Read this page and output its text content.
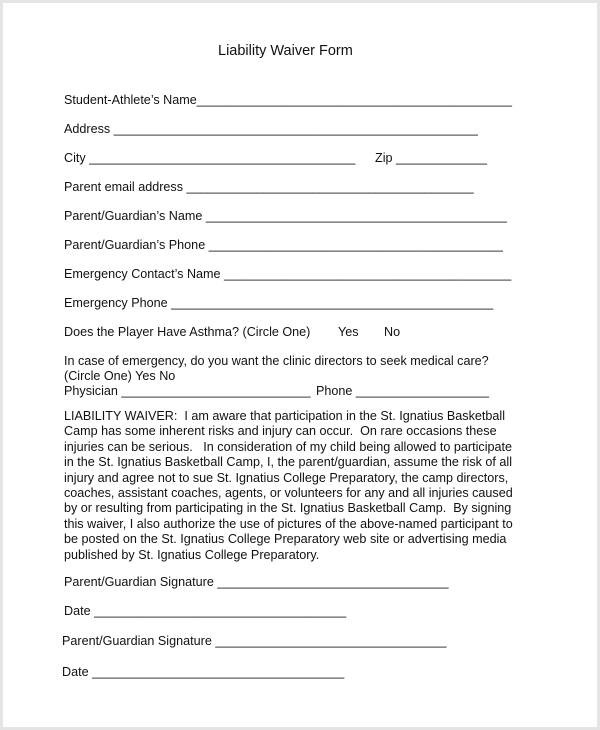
Liability Waiver Form
Student-Athlete’s Name_____________________________________________
Address ____________________________________________________
City ______________________________________ Zip _____________
Parent email address _________________________________________
Parent/Guardian’s Name ___________________________________________
Parent/Guardian’s Phone __________________________________________
Emergency Contact’s Name _________________________________________
Emergency Phone ______________________________________________
Does the Player Have Asthma? (Circle One) Yes No
In case of emergency, do you want the clinic directors to seek medical care?
(Circle One) Yes No
Physician ___________________________ Phone ___________________
LIABILITY WAIVER:  I am aware that participation in the St. Ignatius Basketball
Camp has some inherent risks and injury can occur.  On rare occasions these
injuries can be serious.   In consideration of my child being allowed to participate
in the St. Ignatius Basketball Camp, I, the parent/guardian, assume the risk of all
injury and agree not to sue St. Ignatius College Preparatory, the camp directors,
coaches, assistant coaches, agents, or volunteers for any and all injuries caused
by or resulting from participating in the St. Ignatius Basketball Camp.  By signing
this waiver, I also authorize the use of pictures of the above-named participant to
be posted on the St. Ignatius College Preparatory web site or advertising media
published by St. Ignatius College Preparatory.
Parent/Guardian Signature _________________________________
Date ____________________________________
Parent/Guardian Signature _________________________________
Date ____________________________________
